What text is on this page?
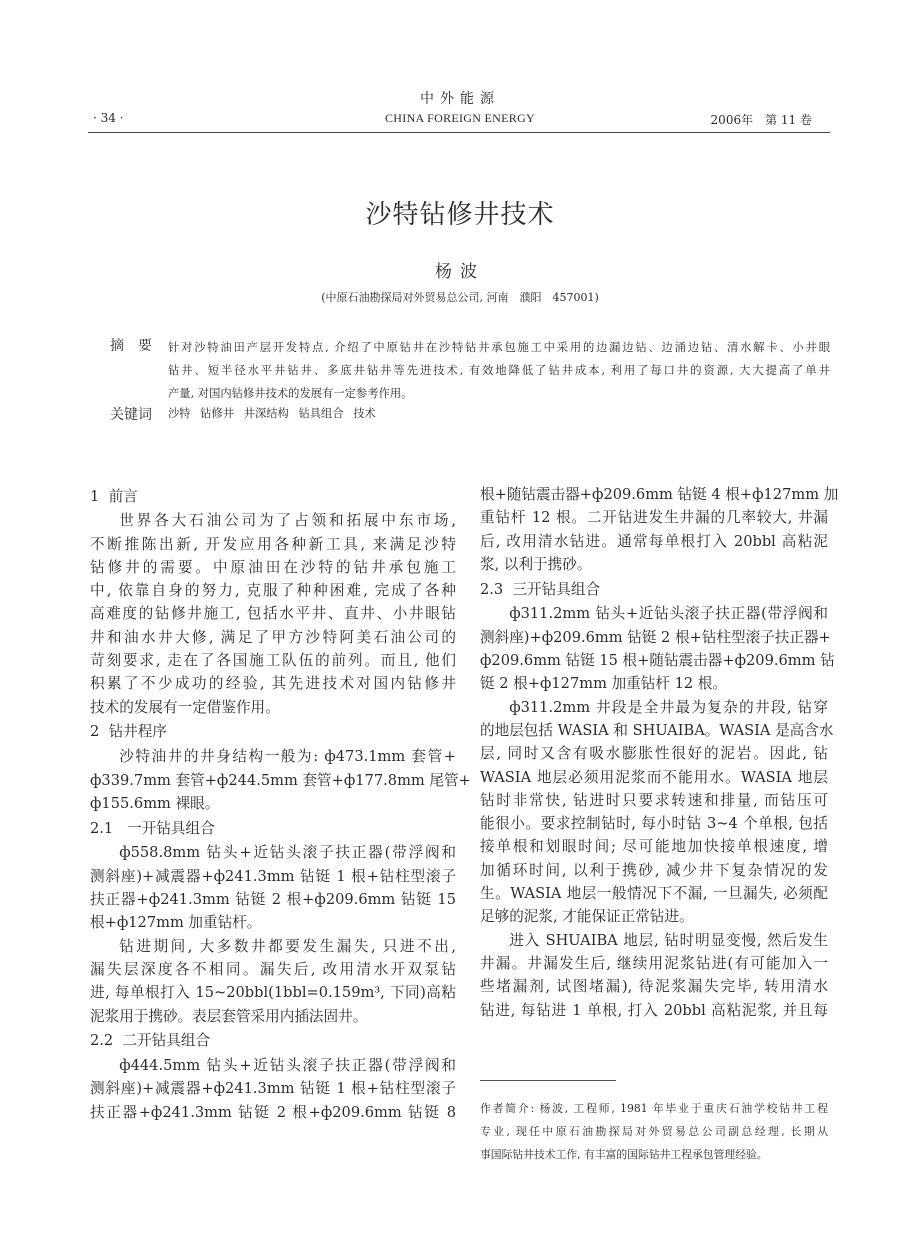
中外能源
· 34 ·	CHINA FOREIGN ENERGY	2006年　第 11 卷
沙特钻修井技术
杨波
(中原石油勘探局对外贸易总公司, 河南　濮阳　457001)
摘要 针对沙特油田产层开发特点, 介绍了中原钻井在沙特钻井承包施工中采用的边漏边钻、边涌边钻、清水解卡、小井眼
钻井、短半径水平井钻井、多底井钻井等先进技术, 有效地降低了钻井成本, 利用了每口井的资源, 大大提高了单井
产量, 对国内钻修井技术的发展有一定参考作用。
关键词 沙特 钻修井 井深结构 钻具组合 技术
1  前言
世界各大石油公司为了占领和拓展中东市场,
不断推陈出新, 开发应用各种新工具, 来满足沙特
钻修井的需要。中原油田在沙特的钻井承包施工
中, 依靠自身的努力, 克服了种种困难, 完成了各种
高难度的钻修井施工, 包括水平井、直井、小井眼钻
井和油水井大修, 满足了甲方沙特阿美石油公司的
苛刻要求, 走在了各国施工队伍的前列。而且, 他们
积累了不少成功的经验, 其先进技术对国内钻修井
技术的发展有一定借鉴作用。
2  钻井程序
沙特油井的井身结构一般为: ф473.1mm 套管+
ф339.7mm 套管+ф244.5mm 套管+ф177.8mm 尾管+
ф155.6mm 裸眼。
2.1   一开钻具组合
ф558.8mm 钻头+近钻头滚子扶正器(带浮阀和
测斜座)+减震器+ф241.3mm 钻铤 1 根+钻柱型滚子
扶正器+ф241.3mm 钻铤 2 根+ф209.6mm 钻铤 15
根+ф127mm 加重钻杆。
钻进期间, 大多数井都要发生漏失, 只进不出,
漏失层深度各不相同。漏失后, 改用清水开双泵钻
进, 每单根打入 15~20bbl(1bbl=0.159m³, 下同)高粘
泥浆用于携砂。表层套管采用内插法固井。
2.2  二开钻具组合
ф444.5mm 钻头+近钻头滚子扶正器(带浮阀和
测斜座)+减震器+ф241.3mm 钻铤 1 根+钻柱型滚子
扶正器+ф241.3mm 钻铤 2 根+ф209.6mm 钻铤 8
根+随钻震击器+ф209.6mm 钻铤 4 根+ф127mm 加
重钻杆 12 根。二开钻进发生井漏的几率较大, 井漏
后, 改用清水钻进。通常每单根打入 20bbl 高粘泥
浆, 以利于携砂。
2.3  三开钻具组合
ф311.2mm 钻头+近钻头滚子扶正器(带浮阀和
测斜座)+ф209.6mm 钻铤 2 根+钻柱型滚子扶正器+
ф209.6mm 钻铤 15 根+随钻震击器+ф209.6mm 钻
铤 2 根+ф127mm 加重钻杆 12 根。
ф311.2mm 井段是全井最为复杂的井段, 钻穿
的地层包括 WASIA 和 SHUAIBA。WASIA 是高含水
层, 同时又含有吸水膨胀性很好的泥岩。因此, 钻
WASIA 地层必须用泥浆而不能用水。WASIA 地层
钻时非常快, 钻进时只要求转速和排量, 而钻压可
能很小。要求控制钻时, 每小时钻 3~4 个单根, 包括
接单根和划眼时间; 尽可能地加快接单根速度, 增
加循环时间, 以利于携砂, 减少井下复杂情况的发
生。WASIA 地层一般情况下不漏, 一旦漏失, 必须配
足够的泥浆, 才能保证正常钻进。
进入 SHUAIBA 地层, 钻时明显变慢, 然后发生
井漏。井漏发生后, 继续用泥浆钻进(有可能加入一
些堵漏剂, 试图堵漏), 待泥浆漏失完毕, 转用清水
钻进, 每钻进 1 单根, 打入 20bbl 高粘泥浆, 并且每
作者简介: 杨波, 工程师, 1981 年毕业于重庆石油学校钻井工程
专业, 现任中原石油勘探局对外贸易总公司副总经理, 长期从
事国际钻井技术工作, 有丰富的国际钻井工程承包管理经验。
